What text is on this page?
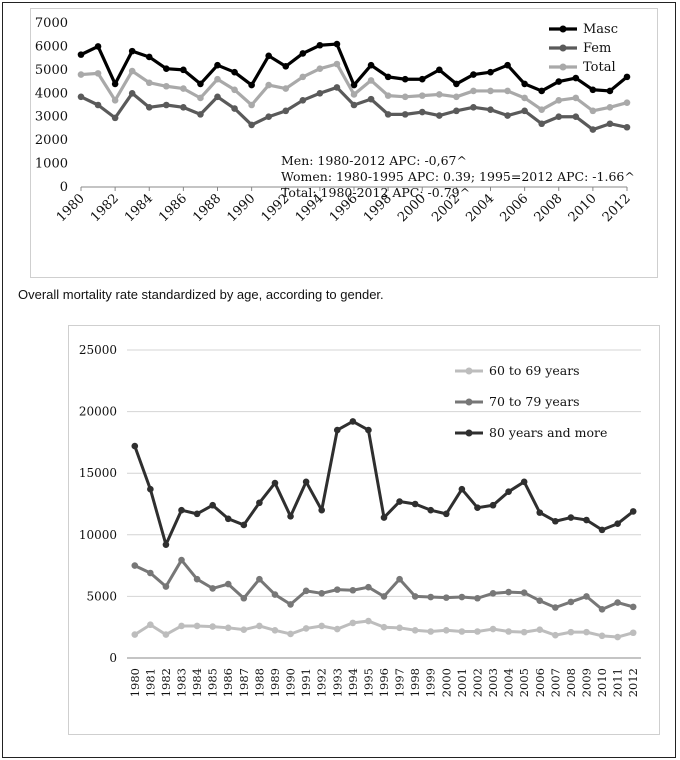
0
1000
2000
3000
4000
5000
6000
7000
1980 1982 1984 1986 1988 1990 1992 1994 1996 1998 2000 2002 2004 2006 2008 2010 2012
Masc
Fem
Total
Men: 1980-2012 APC: -0,67^
Women: 1980-1995 APC: 0.39; 1995=2012 APC: -1.66^
Total: 1980-2012 APC: -0.79^
Overall mortality rate standardized by age, according to gender.
0
5000
10000
15000
20000
25000
1980 1981 1982 1983 1984 1985 1986 1987 1988 1989 1990 1991 1992 1993 1994 1995 1996 1997 1998 1999 2000 2001 2002 2003 2004 2005 2006 2007 2008 2009 2010 2011 2012
60 to 69 years
70 to 79 years
80 years and more
